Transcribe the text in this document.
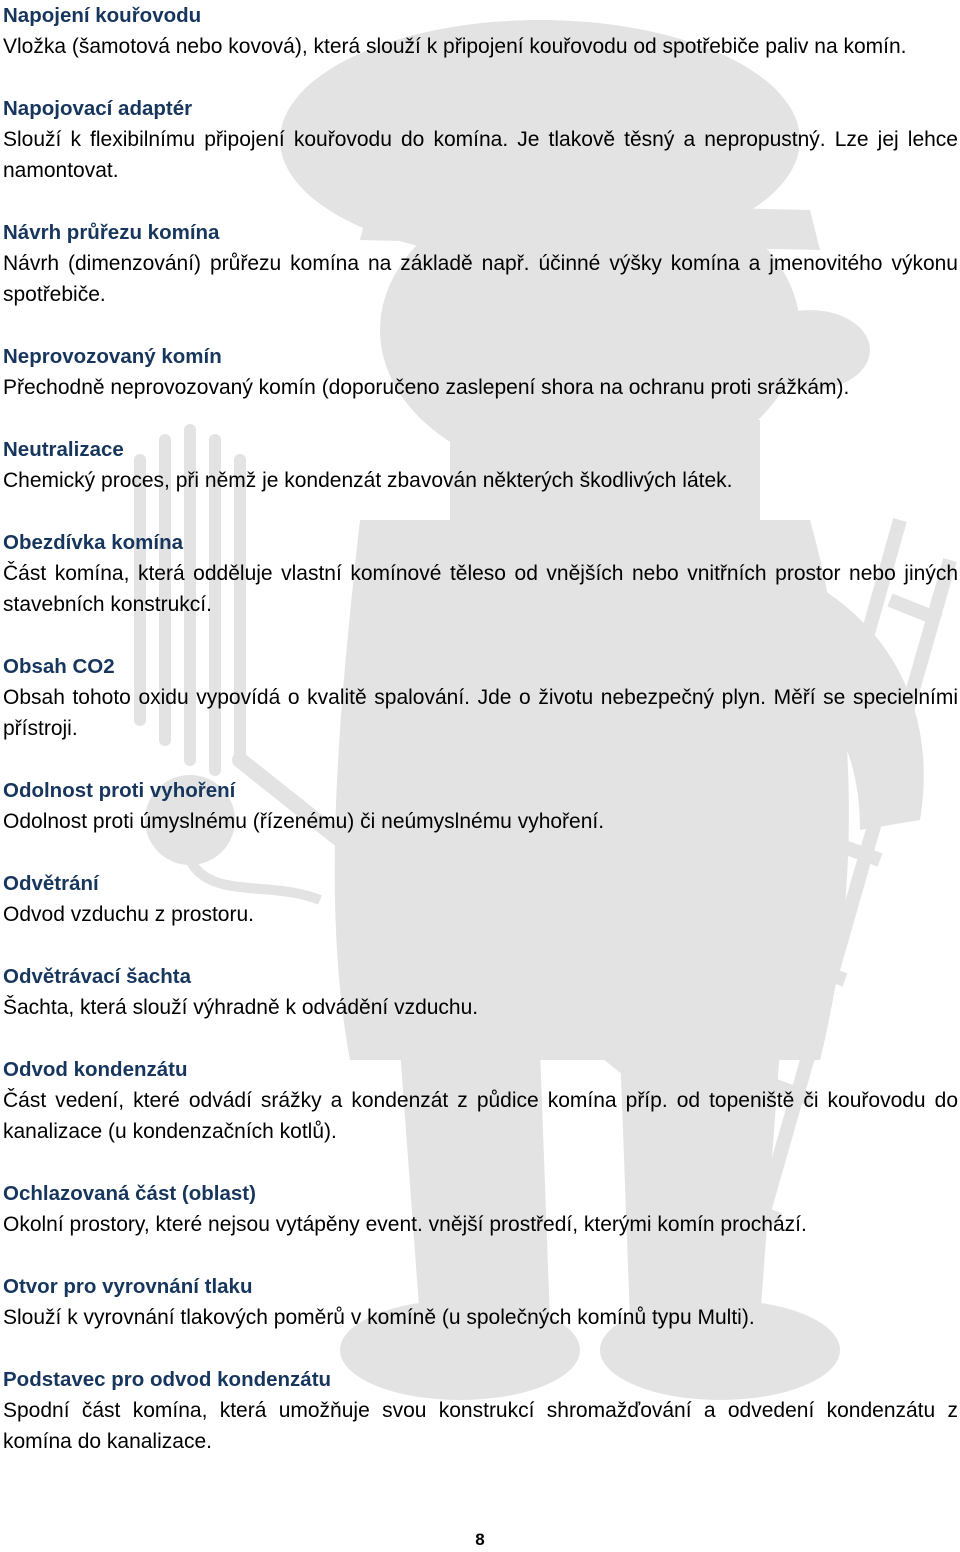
Napojení kouřovodu
Vložka (šamotová nebo kovová), která slouží k připojení kouřovodu od spotřebiče paliv na komín.
Napojovací adaptér
Slouží k flexibilnímu připojení kouřovodu do komína. Je tlakově těsný a nepropustný. Lze jej lehce namontovat.
Návrh průřezu komína
Návrh (dimenzování) průřezu komína na základě např. účinné výšky komína a jmenovitého výkonu spotřebiče.
Neprovozovaný komín
Přechodně neprovozovaný komín (doporučeno zaslepení shora na ochranu proti srážkám).
Neutralizace
Chemický proces, při němž je kondenzát zbavován některých škodlivých látek.
Obezdívka komína
Část komína, která odděluje vlastní komínové těleso od vnějších nebo vnitřních prostor nebo jiných stavebních konstrukcí.
Obsah CO2
Obsah tohoto oxidu vypovídá o kvalitě spalování. Jde o životu nebezpečný plyn. Měří se specielními přístroji.
Odolnost proti vyhoření
Odolnost proti úmyslnému (řízenému) či neúmyslnému vyhoření.
Odvětrání
Odvod vzduchu z prostoru.
Odvětrávací šachta
Šachta, která slouží výhradně k odvádění vzduchu.
Odvod kondenzátu
Část vedení, které odvádí srážky a kondenzát z půdice komína příp. od topeniště či kouřovodu do kanalizace (u kondenzačních kotlů).
Ochlazovaná část (oblast)
Okolní prostory, které nejsou vytápěny event. vnější prostředí, kterými komín prochází.
Otvor pro vyrovnání tlaku
Slouží k vyrovnání tlakových poměrů v komíně (u společných komínů typu Multi).
Podstavec pro odvod kondenzátu
Spodní část komína, která umožňuje svou konstrukcí shromažďování a odvedení kondenzátu z komína do kanalizace.
8
